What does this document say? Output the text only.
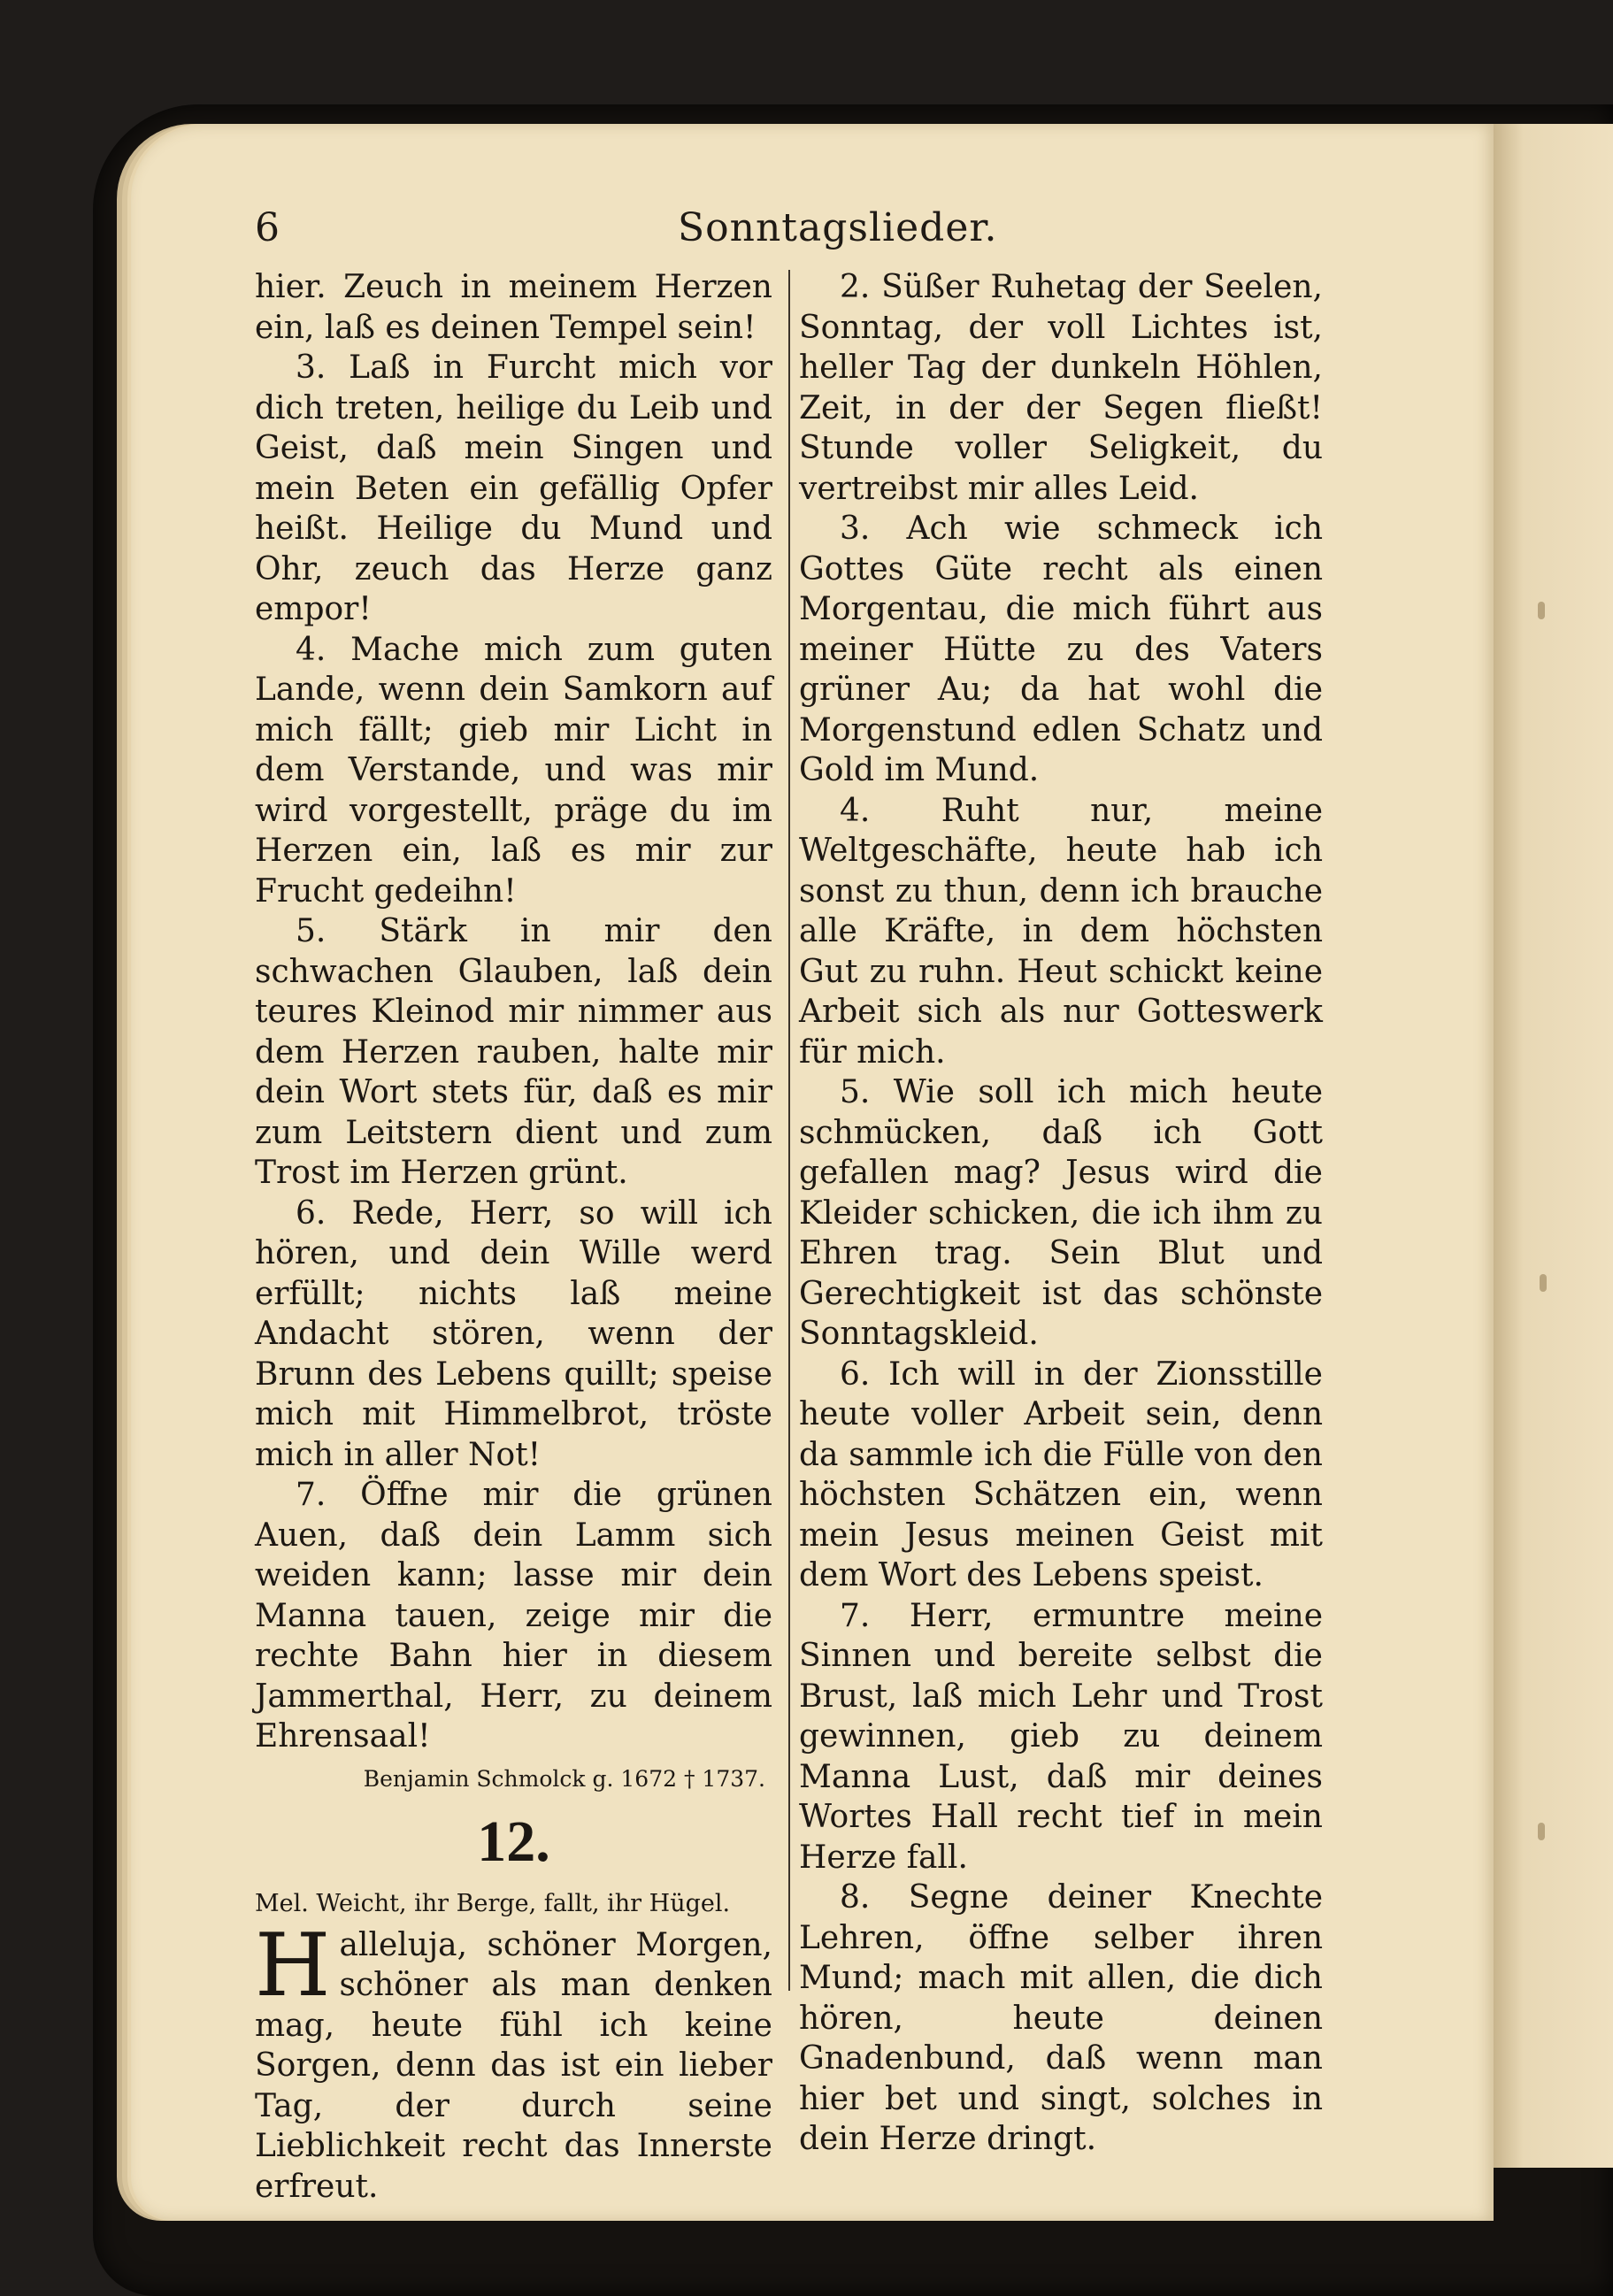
6	Sonntagslieder.

hier. Zeuch in meinem Herzen ein, laß es deinen Tempel sein!

3. Laß in Furcht mich vor dich treten, heilige du Leib und Geist, daß mein Singen und mein Beten ein gefällig Opfer heißt. Heilige du Mund und Ohr, zeuch das Herze ganz empor!

4. Mache mich zum guten Lande, wenn dein Samkorn auf mich fällt; gieb mir Licht in dem Verstande, und was mir wird vorgestellt, präge du im Herzen ein, laß es mir zur Frucht gedeihn!

5. Stärk in mir den schwachen Glauben, laß dein teures Kleinod mir nimmer aus dem Herzen rauben, halte mir dein Wort stets für, daß es mir zum Leitstern dient und zum Trost im Herzen grünt.

6. Rede, Herr, so will ich hören, und dein Wille werd erfüllt; nichts laß meine Andacht stören, wenn der Brunn des Lebens quillt; speise mich mit Himmelbrot, tröste mich in aller Not!

7. Öffne mir die grünen Auen, daß dein Lamm sich weiden kann; lasse mir dein Manna tauen, zeige mir die rechte Bahn hier in diesem Jammerthal, Herr, zu deinem Ehrensaal!

Benjamin Schmolck g. 1672 † 1737.

12.

Mel. Weicht, ihr Berge, fallt, ihr Hügel.

Halleluja, schöner Morgen, schöner als man denken mag, heute fühl ich keine Sorgen, denn das ist ein lieber Tag, der durch seine Lieblichkeit recht das Innerste erfreut.

2. Süßer Ruhetag der Seelen, Sonntag, der voll Lichtes ist, heller Tag der dunkeln Höhlen, Zeit, in der der Segen fließt! Stunde voller Seligkeit, du vertreibst mir alles Leid.

3. Ach wie schmeck ich Gottes Güte recht als einen Morgentau, die mich führt aus meiner Hütte zu des Vaters grüner Au; da hat wohl die Morgenstund edlen Schatz und Gold im Mund.

4. Ruht nur, meine Weltgeschäfte, heute hab ich sonst zu thun, denn ich brauche alle Kräfte, in dem höchsten Gut zu ruhn. Heut schickt keine Arbeit sich als nur Gotteswerk für mich.

5. Wie soll ich mich heute schmücken, daß ich Gott gefallen mag? Jesus wird die Kleider schicken, die ich ihm zu Ehren trag. Sein Blut und Gerechtigkeit ist das schönste Sonntagskleid.

6. Ich will in der Zionsstille heute voller Arbeit sein, denn da sammle ich die Fülle von den höchsten Schätzen ein, wenn mein Jesus meinen Geist mit dem Wort des Lebens speist.

7. Herr, ermuntre meine Sinnen und bereite selbst die Brust, laß mich Lehr und Trost gewinnen, gieb zu deinem Manna Lust, daß mir deines Wortes Hall recht tief in mein Herze fall.

8. Segne deiner Knechte Lehren, öffne selber ihren Mund; mach mit allen, die dich hören, heute deinen Gnadenbund, daß wenn man hier bet und singt, solches in dein Herze dringt.
